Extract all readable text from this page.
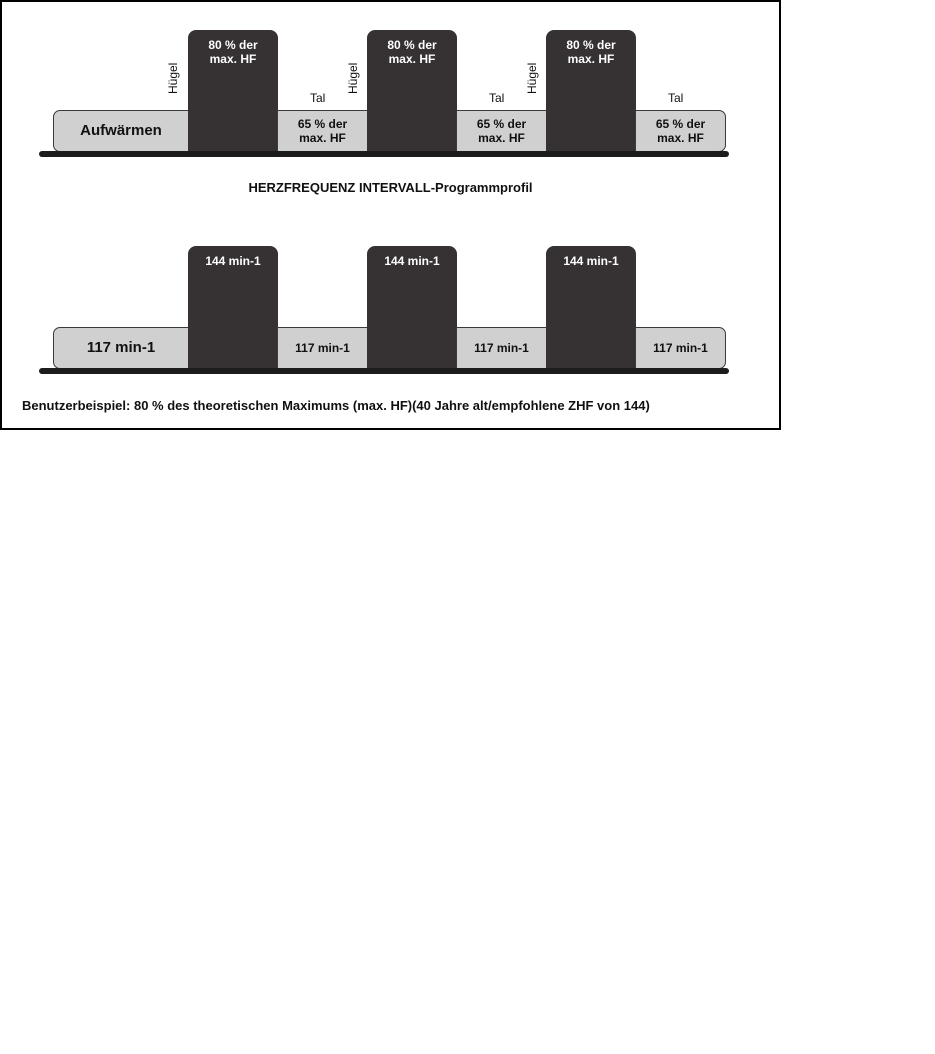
Aufwärmen
80 % der
max. HF
65 % der
max. HF
80 % der
max. HF
65 % der
max. HF
80 % der
max. HF
65 % der
max. HF
Hügel	Hügel	Hügel
Tal	Tal	Tal
HERZFREQUENZ INTERVALL-Programmprofil
117 min-1
144 min-1
117 min-1
144 min-1
117 min-1
144 min-1
117 min-1
Benutzerbeispiel: 80 % des theoretischen Maximums (max. HF)(40 Jahre alt/empfohlene ZHF von 144)
